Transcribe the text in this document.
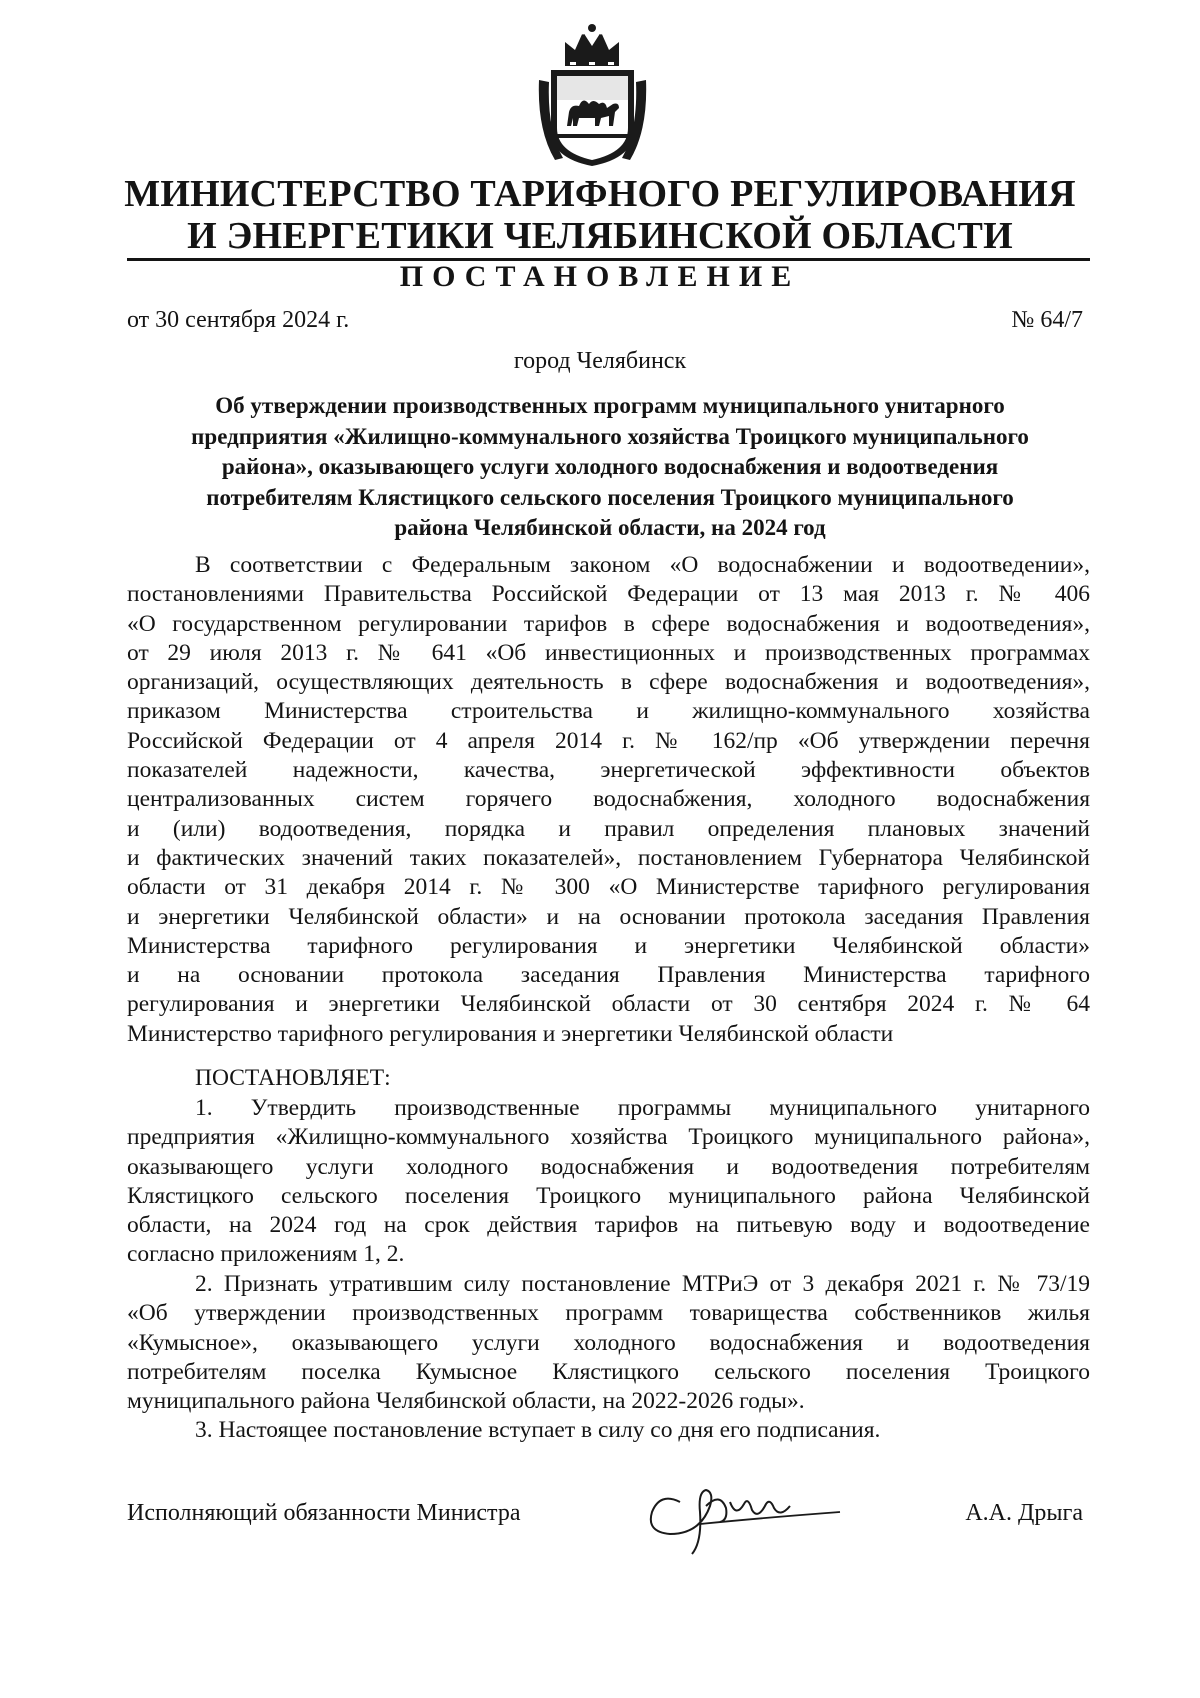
МИНИСТЕРСТВО ТАРИФНОГО РЕГУЛИРОВАНИЯ
И ЭНЕРГЕТИКИ ЧЕЛЯБИНСКОЙ ОБЛАСТИ
ПОСТАНОВЛЕНИЕ
от 30 сентября 2024 г.	№ 64/7
город Челябинск
Об утверждении производственных программ муниципального унитарного
предприятия «Жилищно-коммунального хозяйства Троицкого муниципального
района», оказывающего услуги холодного водоснабжения и водоотведения
потребителям Клястицкого сельского поселения Троицкого муниципального
района Челябинской области, на 2024 год
В соответствии с Федеральным законом «О водоснабжении и водоотведении»,
постановлениями Правительства Российской Федерации от 13 мая 2013 г. № 406
«О государственном регулировании тарифов в сфере водоснабжения и водоотведения»,
от 29 июля 2013 г. № 641 «Об инвестиционных и производственных программах
организаций, осуществляющих деятельность в сфере водоснабжения и водоотведения»,
приказом Министерства строительства и жилищно-коммунального хозяйства
Российской Федерации от 4 апреля 2014 г. № 162/пр «Об утверждении перечня
показателей надежности, качества, энергетической эффективности объектов
централизованных систем горячего водоснабжения, холодного водоснабжения
и (или) водоотведения, порядка и правил определения плановых значений
и фактических значений таких показателей», постановлением Губернатора Челябинской
области от 31 декабря 2014 г. № 300 «О Министерстве тарифного регулирования
и энергетики Челябинской области» и на основании протокола заседания Правления
Министерства тарифного регулирования и энергетики Челябинской области»
и на основании протокола заседания Правления Министерства тарифного
регулирования и энергетики Челябинской области от 30 сентября 2024 г. № 64
Министерство тарифного регулирования и энергетики Челябинской области
ПОСТАНОВЛЯЕТ:
1. Утвердить производственные программы муниципального унитарного
предприятия «Жилищно-коммунального хозяйства Троицкого муниципального района»,
оказывающего услуги холодного водоснабжения и водоотведения потребителям
Клястицкого сельского поселения Троицкого муниципального района Челябинской
области, на 2024 год на срок действия тарифов на питьевую воду и водоотведение
согласно приложениям 1, 2.
2. Признать утратившим силу постановление МТРиЭ от 3 декабря 2021 г. № 73/19
«Об утверждении производственных программ товарищества собственников жилья
«Кумысное», оказывающего услуги холодного водоснабжения и водоотведения
потребителям поселка Кумысное Клястицкого сельского поселения Троицкого
муниципального района Челябинской области, на 2022-2026 годы».
3. Настоящее постановление вступает в силу со дня его подписания.
Исполняющий обязанности Министра	А.А. Дрыга
